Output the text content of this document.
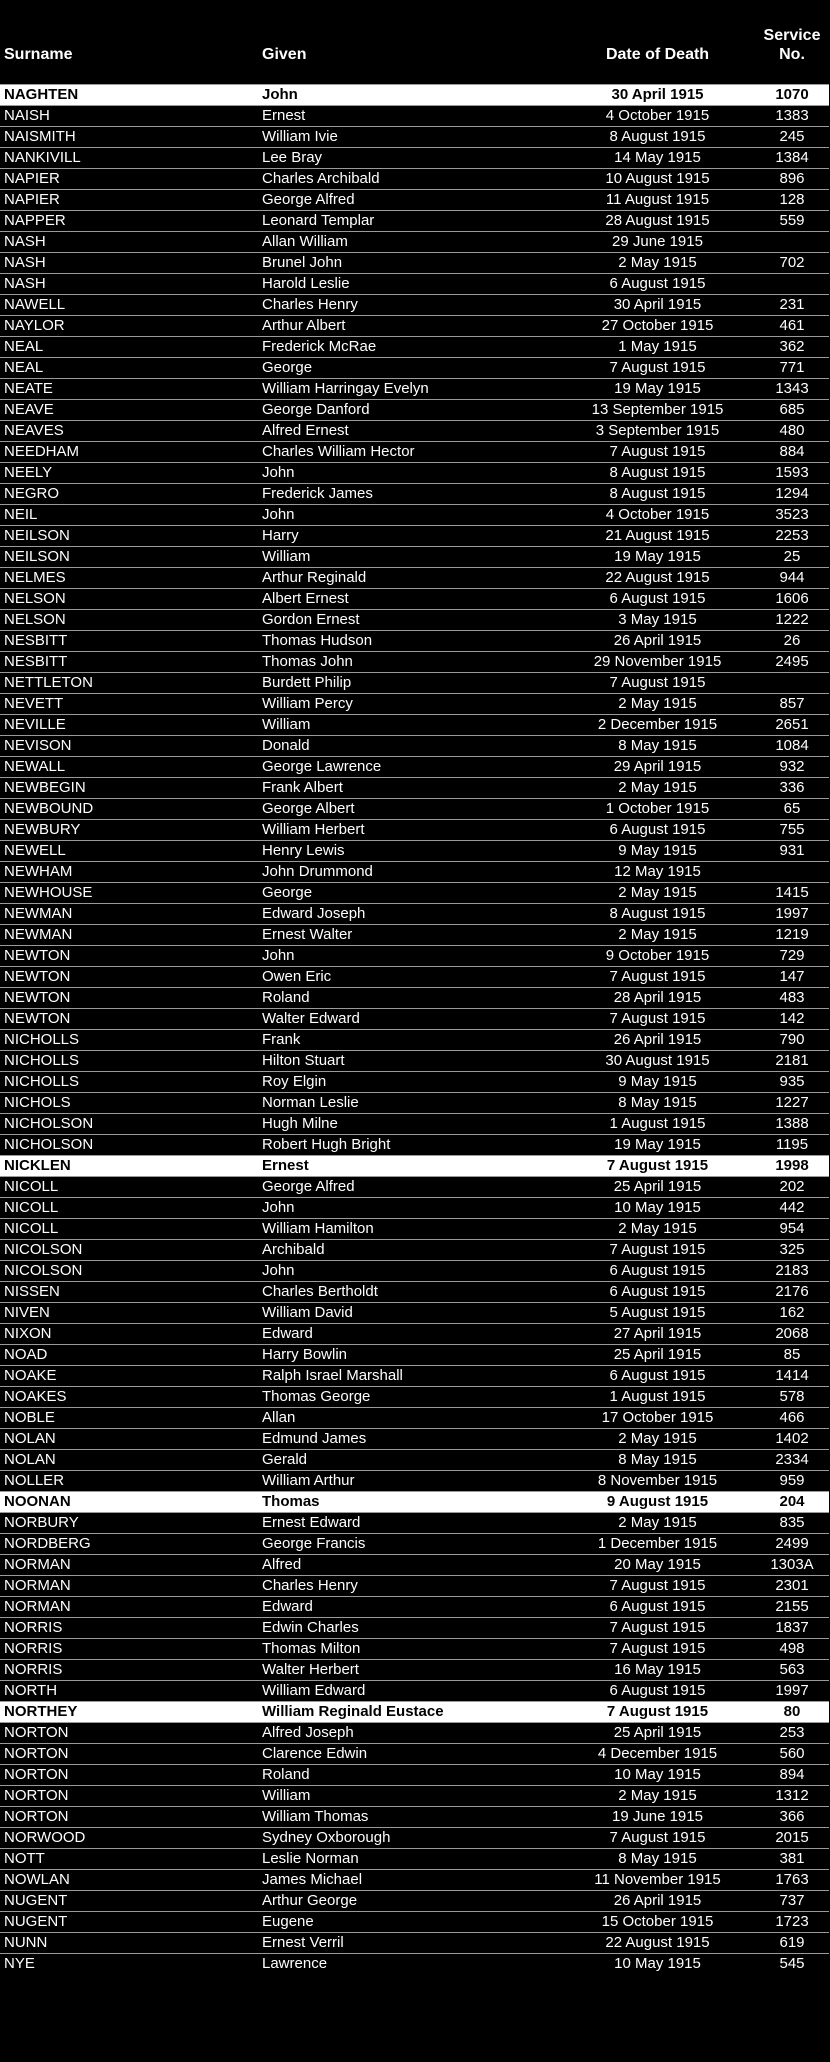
Surname	Given	Date of Death	Service
No.
NAGHTEN	John	30 April 1915	1070
NAISH	Ernest	4 October 1915	1383
NAISMITH	William Ivie	8 August 1915	245
NANKIVILL	Lee Bray	14 May 1915	1384
NAPIER	Charles Archibald	10 August 1915	896
NAPIER	George Alfred	11 August 1915	128
NAPPER	Leonard Templar	28 August 1915	559
NASH	Allan William	29 June 1915	
NASH	Brunel John	2 May 1915	702
NASH	Harold Leslie	6 August 1915	
NAWELL	Charles Henry	30 April 1915	231
NAYLOR	Arthur Albert	27 October 1915	461
NEAL	Frederick McRae	1 May 1915	362
NEAL	George	7 August 1915	771
NEATE	William Harringay Evelyn	19 May 1915	1343
NEAVE	George Danford	13 September 1915	685
NEAVES	Alfred Ernest	3 September 1915	480
NEEDHAM	Charles William Hector	7 August 1915	884
NEELY	John	8 August 1915	1593
NEGRO	Frederick James	8 August 1915	1294
NEIL	John	4 October 1915	3523
NEILSON	Harry	21 August 1915	2253
NEILSON	William	19 May 1915	25
NELMES	Arthur Reginald	22 August 1915	944
NELSON	Albert Ernest	6 August 1915	1606
NELSON	Gordon Ernest	3 May 1915	1222
NESBITT	Thomas Hudson	26 April 1915	26
NESBITT	Thomas John	29 November 1915	2495
NETTLETON	Burdett Philip	7 August 1915	
NEVETT	William Percy	2 May 1915	857
NEVILLE	William	2 December 1915	2651
NEVISON	Donald	8 May 1915	1084
NEWALL	George Lawrence	29 April 1915	932
NEWBEGIN	Frank Albert	2 May 1915	336
NEWBOUND	George Albert	1 October 1915	65
NEWBURY	William Herbert	6 August 1915	755
NEWELL	Henry Lewis	9 May 1915	931
NEWHAM	John Drummond	12 May 1915	
NEWHOUSE	George	2 May 1915	1415
NEWMAN	Edward Joseph	8 August 1915	1997
NEWMAN	Ernest Walter	2 May 1915	1219
NEWTON	John	9 October 1915	729
NEWTON	Owen Eric	7 August 1915	147
NEWTON	Roland	28 April 1915	483
NEWTON	Walter Edward	7 August 1915	142
NICHOLLS	Frank	26 April 1915	790
NICHOLLS	Hilton Stuart	30 August 1915	2181
NICHOLLS	Roy Elgin	9 May 1915	935
NICHOLS	Norman Leslie	8 May 1915	1227
NICHOLSON	Hugh Milne	1 August 1915	1388
NICHOLSON	Robert Hugh Bright	19 May 1915	1195
NICKLEN	Ernest	7 August 1915	1998
NICOLL	George Alfred	25 April 1915	202
NICOLL	John	10 May 1915	442
NICOLL	William Hamilton	2 May 1915	954
NICOLSON	Archibald	7 August 1915	325
NICOLSON	John	6 August 1915	2183
NISSEN	Charles Bertholdt	6 August 1915	2176
NIVEN	William David	5 August 1915	162
NIXON	Edward	27 April 1915	2068
NOAD	Harry Bowlin	25 April 1915	85
NOAKE	Ralph Israel Marshall	6 August 1915	1414
NOAKES	Thomas George	1 August 1915	578
NOBLE	Allan	17 October 1915	466
NOLAN	Edmund James	2 May 1915	1402
NOLAN	Gerald	8 May 1915	2334
NOLLER	William Arthur	8 November 1915	959
NOONAN	Thomas	9 August 1915	204
NORBURY	Ernest Edward	2 May 1915	835
NORDBERG	George Francis	1 December 1915	2499
NORMAN	Alfred	20 May 1915	1303A
NORMAN	Charles Henry	7 August 1915	2301
NORMAN	Edward	6 August 1915	2155
NORRIS	Edwin Charles	7 August 1915	1837
NORRIS	Thomas Milton	7 August 1915	498
NORRIS	Walter Herbert	16 May 1915	563
NORTH	William Edward	6 August 1915	1997
NORTHEY	William Reginald Eustace	7 August 1915	80
NORTON	Alfred Joseph	25 April 1915	253
NORTON	Clarence Edwin	4 December 1915	560
NORTON	Roland	10 May 1915	894
NORTON	William	2 May 1915	1312
NORTON	William Thomas	19 June 1915	366
NORWOOD	Sydney Oxborough	7 August 1915	2015
NOTT	Leslie Norman	8 May 1915	381
NOWLAN	James Michael	11 November 1915	1763
NUGENT	Arthur George	26 April 1915	737
NUGENT	Eugene	15 October 1915	1723
NUNN	Ernest Verril	22 August 1915	619
NYE	Lawrence	10 May 1915	545
